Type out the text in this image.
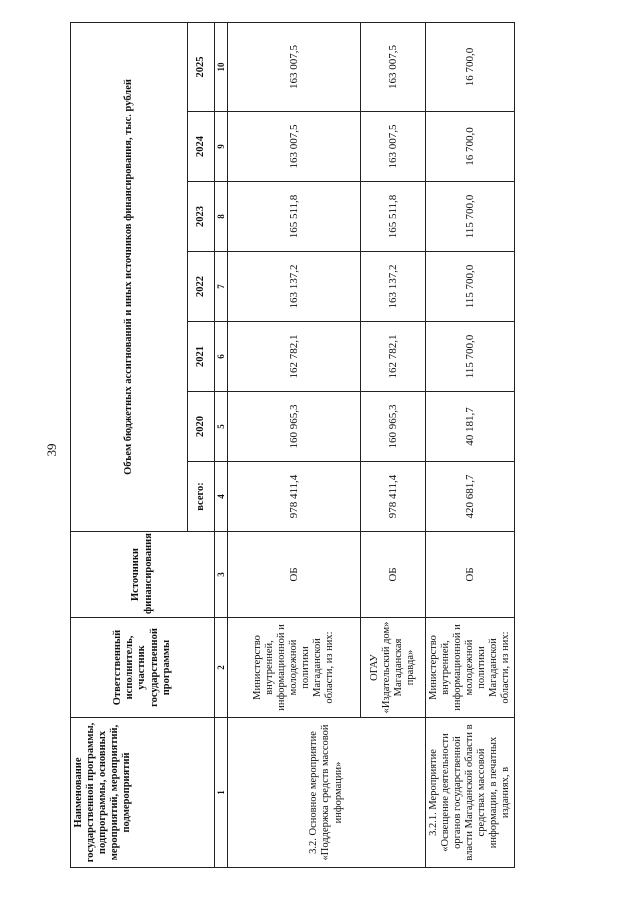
39
Наименование государственной программы, подпрограммы, основных мероприятий, мероприятий, подмероприятий	Ответственный исполнитель, участник государственной программы	Источники финансирования	Объем бюджетных ассигнований и иных источников финансирования, тыс. рублей						
			всего:	2020	2021	2022	2023	2024	2025
1	2	3	4	5	6	7	8	9	10
3.2. Основное мероприятие «Поддержка средств массовой информации»	Министерство внутренней, информационной и молодежной политики Магаданской области, из них:	ОБ	978 411,4	160 965,3	162 782,1	163 137,2	165 511,8	163 007,5	163 007,5
	ОГАУ «Издательский дом» Магаданская правда»	ОБ	978 411,4	160 965,3	162 782,1	163 137,2	165 511,8	163 007,5	163 007,5
3.2.1. Мероприятие «Освещение деятельности органов государственной власти Магаданской области в средствах массовой информации, в печатных изданиях, в	Министерство внутренней, информационной и молодежной политики Магаданской области, из них:	ОБ	420 681,7	40 181,7	115 700,0	115 700,0	115 700,0	16 700,0	16 700,0
